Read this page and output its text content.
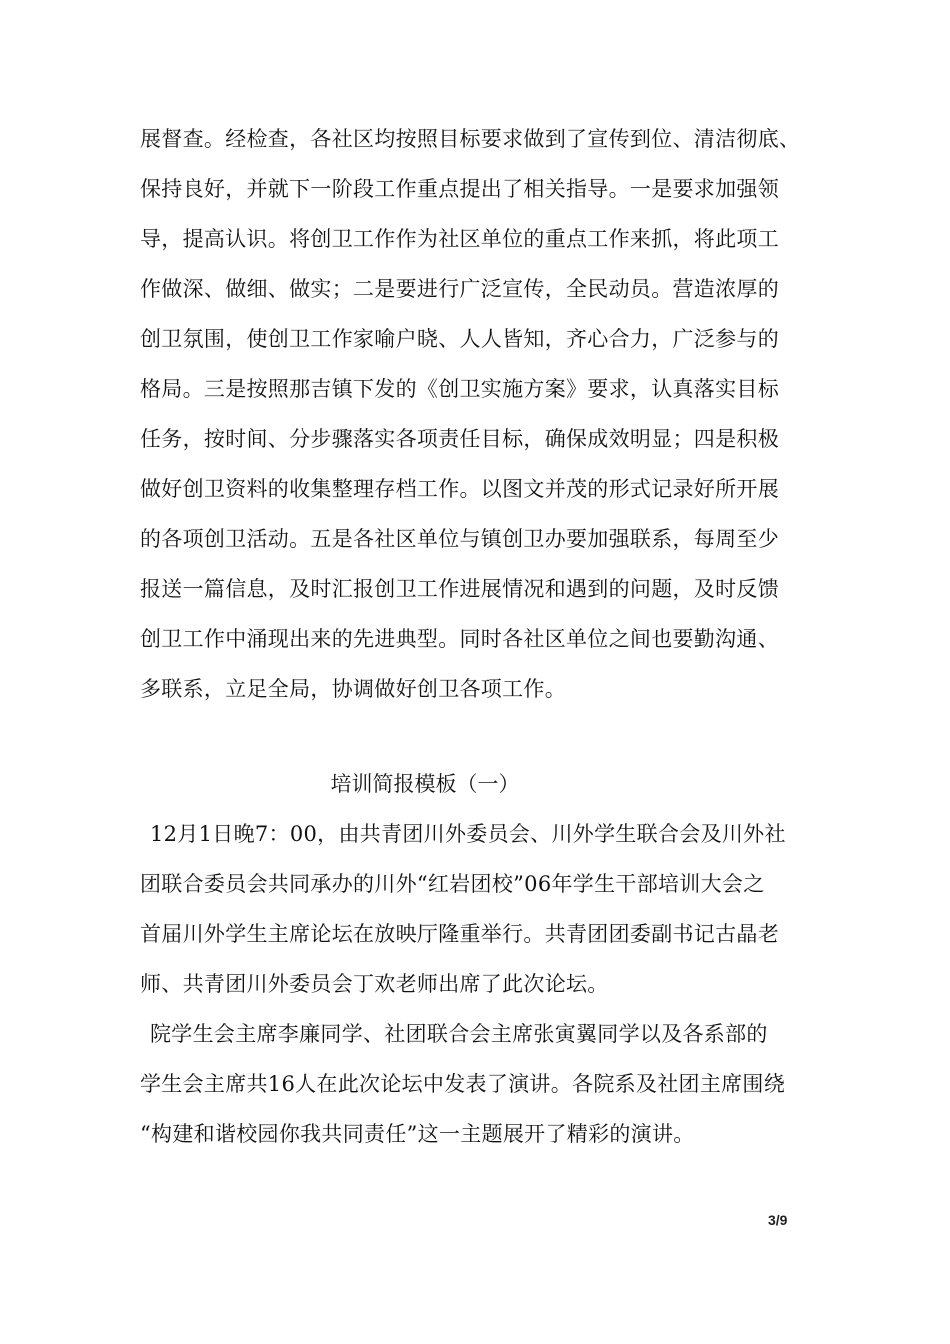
展督查。经检查，各社区均按照目标要求做到了宣传到位、清洁彻底、
保持良好，并就下一阶段工作重点提出了相关指导。一是要求加强领
导，提高认识。将创卫工作作为社区单位的重点工作来抓，将此项工
作做深、做细、做实；二是要进行广泛宣传，全民动员。营造浓厚的
创卫氛围，使创卫工作家喻户晓、人人皆知，齐心合力，广泛参与的
格局。三是按照那吉镇下发的《创卫实施方案》要求，认真落实目标
任务，按时间、分步骤落实各项责任目标，确保成效明显；四是积极
做好创卫资料的收集整理存档工作。以图文并茂的形式记录好所开展
的各项创卫活动。五是各社区单位与镇创卫办要加强联系，每周至少
报送一篇信息，及时汇报创卫工作进展情况和遇到的问题，及时反馈
创卫工作中涌现出来的先进典型。同时各社区单位之间也要勤沟通、
多联系，立足全局，协调做好创卫各项工作。
培训简报模板（一）
12月1日晚7：00，由共青团川外委员会、川外学生联合会及川外社
团联合委员会共同承办的川外“红岩团校”06年学生干部培训大会之
首届川外学生主席论坛在放映厅隆重举行。共青团团委副书记古晶老
师、共青团川外委员会丁欢老师出席了此次论坛。
院学生会主席李廉同学、社团联合会主席张寅翼同学以及各系部的
学生会主席共16人在此次论坛中发表了演讲。各院系及社团主席围绕
“构建和谐校园你我共同责任”这一主题展开了精彩的演讲。
3/9
